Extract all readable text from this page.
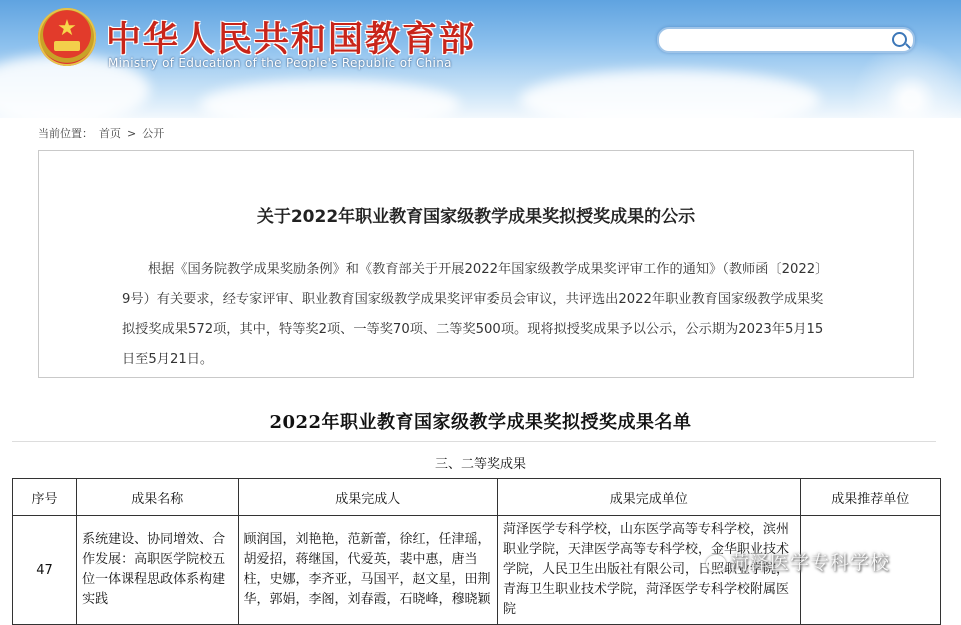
★ 中华人民共和国教育部
Ministry of Education of the People's Republic of China
当前位置： 首页 > 公开
关于2022年职业教育国家级教学成果奖拟授奖成果的公示

根据《国务院教学成果奖励条例》和《教育部关于开展2022年国家级教学成果奖评审工作的通知》（教师函〔2022〕9号）有关要求，经专家评审、职业教育国家级教学成果奖评审委员会审议，共评选出2022年职业教育国家级教学成果奖拟授奖成果572项，其中，特等奖2项、一等奖70项、二等奖500项。现将拟授奖成果予以公示，公示期为2023年5月15日至5月21日。

2022年职业教育国家级教学成果奖拟授奖成果名单
三、二等奖成果
序号	成果名称	成果完成人	成果完成单位	成果推荐单位
47	系统建设、协同增效、合作发展：高职医学院校五位一体课程思政体系构建实践	顾润国，刘艳艳，范新蕾，徐红，任津瑶，胡爱招，蒋继国，代爱英，裴中惠，唐当柱，史娜，李齐亚，马国平，赵文星，田荆华，郭娟，李阁，刘春霞，石晓峰，穆晓颖	菏泽医学专科学校，山东医学高等专科学校，滨州职业学院，天津医学高等专科学校，金华职业技术学院，人民卫生出版社有限公司，日照职业学院，青海卫生职业技术学院，菏泽医学专科学校附属医院	

菏泽医学专科学校
